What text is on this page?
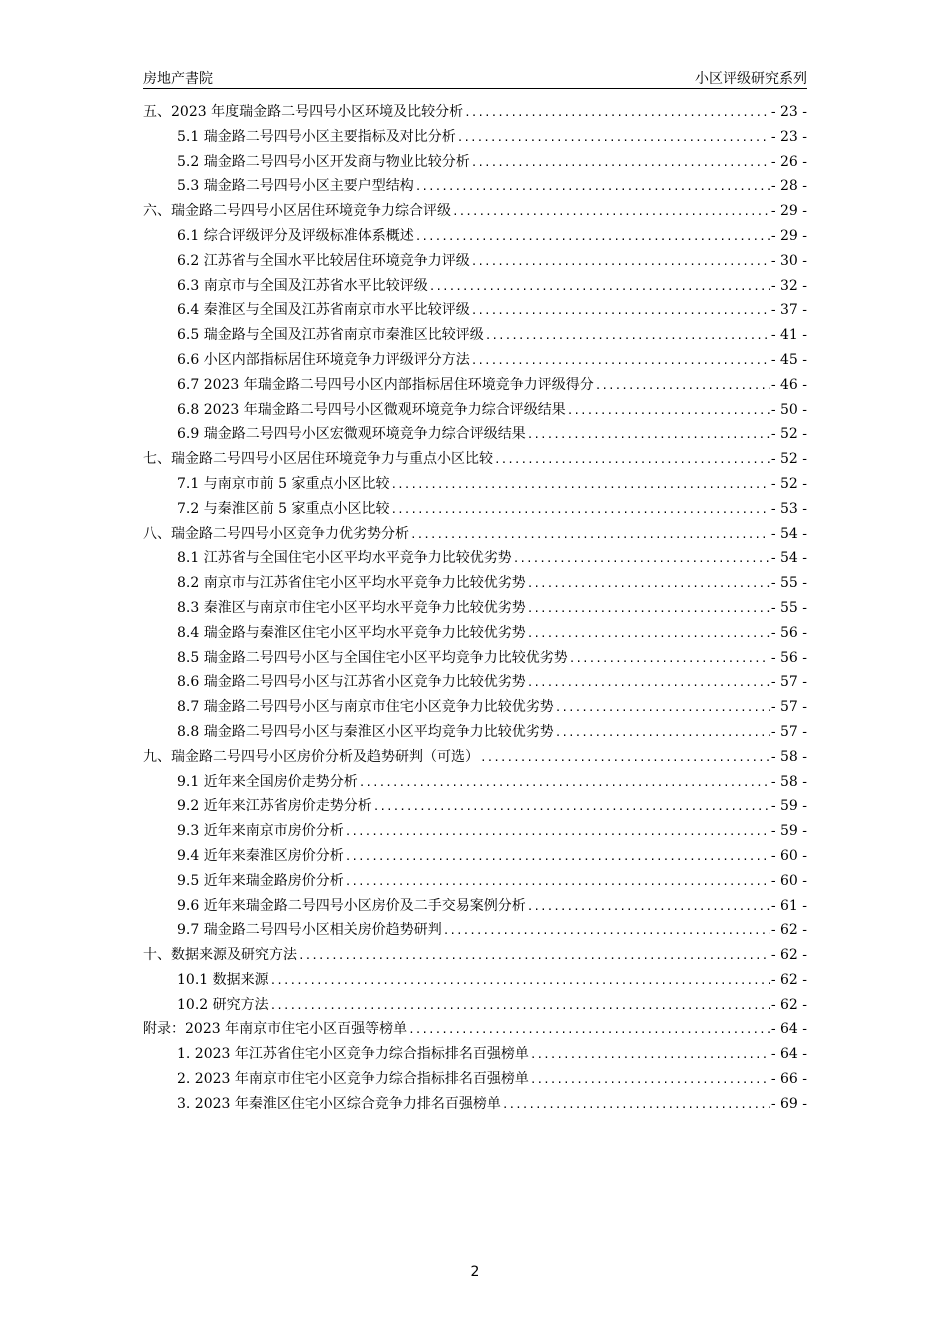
房地产書院	小区评级研究系列
五、2023 年度瑞金路二号四号小区环境及比较分析 .....	- 23 -
5.1 瑞金路二号四号小区主要指标及对比分析 .....	- 23 -
5.2 瑞金路二号四号小区开发商与物业比较分析 .....	- 26 -
5.3 瑞金路二号四号小区主要户型结构 .....	- 28 -
六、瑞金路二号四号小区居住环境竞争力综合评级 .....	- 29 -
6.1 综合评级评分及评级标准体系概述 .....	- 29 -
6.2 江苏省与全国水平比较居住环境竞争力评级 .....	- 30 -
6.3 南京市与全国及江苏省水平比较评级 .....	- 32 -
6.4 秦淮区与全国及江苏省南京市水平比较评级 .....	- 37 -
6.5 瑞金路与全国及江苏省南京市秦淮区比较评级 .....	- 41 -
6.6 小区内部指标居住环境竞争力评级评分方法 .....	- 45 -
6.7 2023 年瑞金路二号四号小区内部指标居住环境竞争力评级得分 .....	- 46 -
6.8 2023 年瑞金路二号四号小区微观环境竞争力综合评级结果 .....	- 50 -
6.9 瑞金路二号四号小区宏微观环境竞争力综合评级结果 .....	- 52 -
七、瑞金路二号四号小区居住环境竞争力与重点小区比较 .....	- 52 -
7.1 与南京市前 5 家重点小区比较 .....	- 52 -
7.2 与秦淮区前 5 家重点小区比较 .....	- 53 -
八、瑞金路二号四号小区竞争力优劣势分析 .....	- 54 -
8.1 江苏省与全国住宅小区平均水平竞争力比较优劣势 .....	- 54 -
8.2 南京市与江苏省住宅小区平均水平竞争力比较优劣势 .....	- 55 -
8.3 秦淮区与南京市住宅小区平均水平竞争力比较优劣势 .....	- 55 -
8.4 瑞金路与秦淮区住宅小区平均水平竞争力比较优劣势 .....	- 56 -
8.5 瑞金路二号四号小区与全国住宅小区平均竞争力比较优劣势 .....	- 56 -
8.6 瑞金路二号四号小区与江苏省小区竞争力比较优劣势 .....	- 57 -
8.7 瑞金路二号四号小区与南京市住宅小区竞争力比较优劣势 .....	- 57 -
8.8 瑞金路二号四号小区与秦淮区小区平均竞争力比较优劣势 .....	- 57 -
九、瑞金路二号四号小区房价分析及趋势研判（可选） .....	- 58 -
9.1 近年来全国房价走势分析 .....	- 58 -
9.2 近年来江苏省房价走势分析 .....	- 59 -
9.3 近年来南京市房价分析 .....	- 59 -
9.4 近年来秦淮区房价分析 .....	- 60 -
9.5 近年来瑞金路房价分析 .....	- 60 -
9.6 近年来瑞金路二号四号小区房价及二手交易案例分析 .....	- 61 -
9.7 瑞金路二号四号小区相关房价趋势研判 .....	- 62 -
十、数据来源及研究方法 .....	- 62 -
10.1 数据来源 .....	- 62 -
10.2 研究方法 .....	- 62 -
附录：2023 年南京市住宅小区百强等榜单 .....	- 64 -
1. 2023 年江苏省住宅小区竞争力综合指标排名百强榜单 .....	- 64 -
2. 2023 年南京市住宅小区竞争力综合指标排名百强榜单 .....	- 66 -
3. 2023 年秦淮区住宅小区综合竞争力排名百强榜单 .....	- 69 -
2
